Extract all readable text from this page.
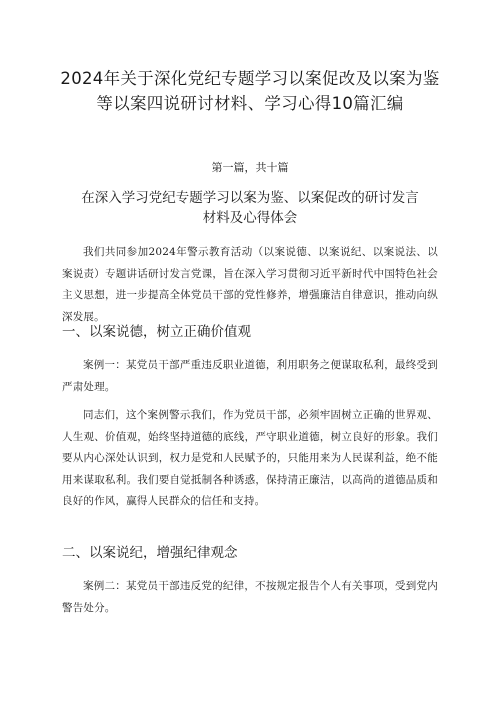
2024年关于深化党纪专题学习以案促改及以案为鉴
等以案四说研讨材料、学习心得10篇汇编

第一篇，共十篇

在深入学习党纪专题学习以案为鉴、以案促改的研讨发言
材料及心得体会

我们共同参加2024年警示教育活动（以案说德、以案说纪、以案说法、以案说责）专题讲话研讨发言党课，旨在深入学习贯彻习近平新时代中国特色社会主义思想，进一步提高全体党员干部的党性修养，增强廉洁自律意识，推动向纵深发展。

一、以案说德，树立正确价值观

案例一：某党员干部严重违反职业道德，利用职务之便谋取私利，最终受到严肃处理。

同志们，这个案例警示我们，作为党员干部，必须牢固树立正确的世界观、人生观、价值观，始终坚持道德的底线，严守职业道德，树立良好的形象。我们要从内心深处认识到，权力是党和人民赋予的，只能用来为人民谋利益，绝不能用来谋取私利。我们要自觉抵制各种诱惑，保持清正廉洁，以高尚的道德品质和良好的作风，赢得人民群众的信任和支持。

二、以案说纪，增强纪律观念

案例二：某党员干部违反党的纪律，不按规定报告个人有关事项，受到党内警告处分。
